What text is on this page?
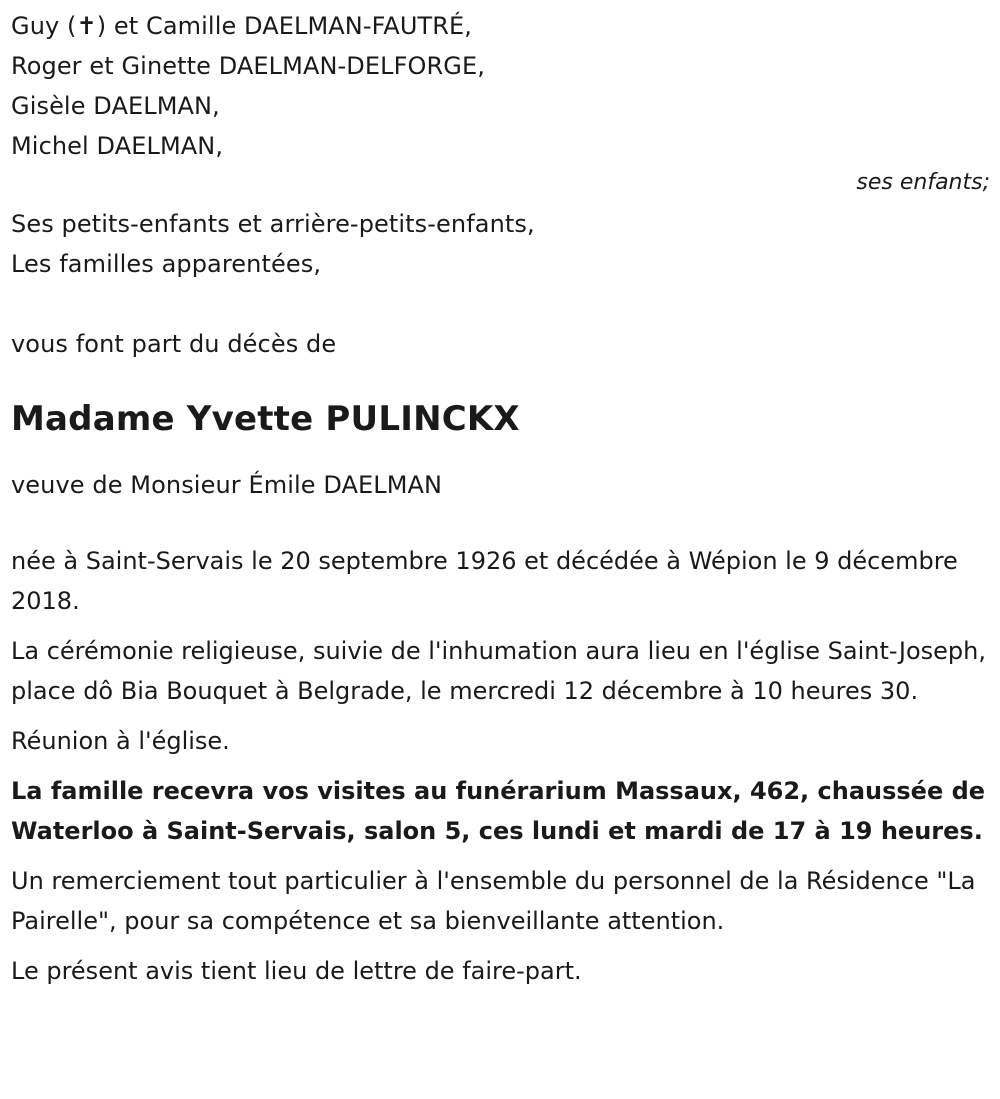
Guy (✝) et Camille DAELMAN-FAUTRÉ,
Roger et Ginette DAELMAN-DELFORGE,
Gisèle DAELMAN,
Michel DAELMAN,
ses enfants;
Ses petits-enfants et arrière-petits-enfants,
Les familles apparentées,
vous font part du décès de
Madame Yvette PULINCKX
veuve de Monsieur Émile DAELMAN

née à Saint-Servais le 20 septembre 1926 et décédée à Wépion le 9 décembre 2018.

La cérémonie religieuse, suivie de l'inhumation aura lieu en l'église Saint-Joseph, place dô Bia Bouquet à Belgrade, le mercredi 12 décembre à 10 heures 30.

Réunion à l'église.

La famille recevra vos visites au funérarium Massaux, 462, chaussée de Waterloo à Saint-Servais, salon 5, ces lundi et mardi de 17 à 19 heures.

Un remerciement tout particulier à l'ensemble du personnel de la Résidence "La Pairelle", pour sa compétence et sa bienveillante attention.

Le présent avis tient lieu de lettre de faire-part.
